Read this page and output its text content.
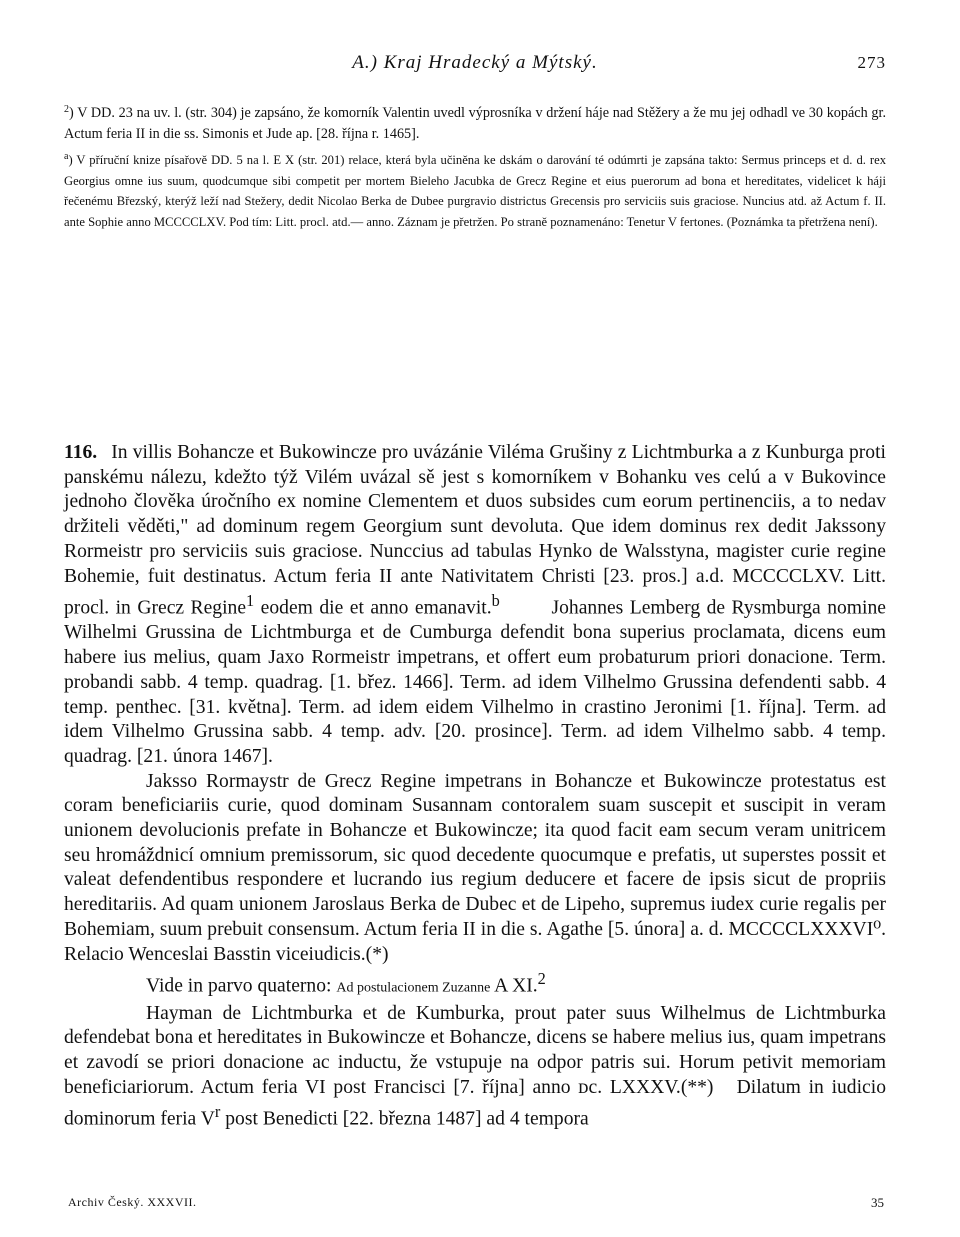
A.) Kraj Hradecký a Mýtský.	273

$^2$) V DD. 23 na uv. l. (str. 304) je zapsáno, že komorník Valentin uvedl výprosníka v držení háje nad Stěžery a že mu jej odhadl ve 30 kopách gr. Actum feria II in die ss. Simonis et Jude ap. [28. října r. 1465].

$^a$) V příruční knize písařově DD. 5 na l. E X (str. 201) relace, která byla učiněna ke dskám o darování té odúmrti je zapsána takto: Sermus princeps et d. d. rex Georgius omne ius suum, quodcumque sibi competit per mortem Bieleho Jacubka de Grecz Regine et eius puerorum ad bona et hereditates, videlicet k háji řečenému Březský, kterýž leží nad Stežery, dedit Nicolao Berka de Dubee purgravio districtus Grecensis pro serviciis suis graciose. Nuncius atd. až Actum f. II. ante Sophie anno MCCCCLXV. Pod tím: Litt. procl. atd.— anno. Záznam je přetržen. Po straně poznamenáno: Tenetur V fertones. (Poznámka ta přetržena není).

116. In villis Bohancze et Bukowincze pro uvázánie Viléma Grušiny z Lichtmburka a z Kunburga proti panskému nálezu, kdežto týž Vilém uvázal sě jest s komorníkem v Bohanku ves celú a v Bukovince jednoho člověka úročního ex nomine Clementem et duos subsides cum eorum pertinenciis, a to nedav držiteli věděti," ad dominum regem Georgium sunt devoluta. Que idem dominus rex dedit Jakssony Rormeistr pro serviciis suis graciose. Nunccius ad tabulas Hynko de Walsstyna, magister curie regine Bohemie, fuit destinatus. Actum feria II ante Nativitatem Christi [23. pros.] a.d. MCCCCLXV. Litt. procl. in Grecz Regine$^1$ eodem die et anno emanavit.$^b$        Johannes Lemberg de Rysmburga nomine Wilhelmi Grussina de Lichtmburga et de Cumburga defendit bona superius proclamata, dicens eum habere ius melius, quam Jaxo Rormeistr impetrans, et offert eum probaturum priori donacione. Term. probandi sabb. 4 temp. quadrag. [1. břez. 1466]. Term. ad idem Vilhelmo Grussina defendenti sabb. 4 temp. penthec. [31. května]. Term. ad idem eidem Vilhelmo in crastino Jeronimi [1. října]. Term. ad idem Vilhelmo Grussina sabb. 4 temp. adv. [20. prosince]. Term. ad idem Vilhelmo sabb. 4 temp. quadrag. [21. února 1467].

Jaksso Rormaystr de Grecz Regine impetrans in Bohancze et Bukowincze protestatus est coram beneficiariis curie, quod dominam Susannam contoralem suam suscepit et suscipit in veram unionem devolucionis prefate in Bohancze et Bukowincze; ita quod facit eam secum veram unitricem seu hromáždnicí omnium premissorum, sic quod decedente quocumque e prefatis, ut superstes possit et valeat defendentibus respondere et lucrando ius regium deducere et facere de ipsis sicut de propriis hereditariis. Ad quam unionem Jaroslaus Berka de Dubec et de Lipeho, supremus iudex curie regalis per Bohemiam, suum prebuit consensum. Actum feria II in die s. Agathe [5. února] a. d. MCCCCLXXXVI⁰. Relacio Wenceslai Basstin viceiudicis.(*)

Vide in parvo quaterno: Ad postulacionem Zuzanne A XI.$^2$

Hayman de Lichtmburka et de Kumburka, prout pater suus Wilhelmus de Lichtmburka defendebat bona et hereditates in Bukowincze et Bohancze, dicens se habere melius ius, quam impetrans et zavodí se priori donacione ac inductu, že vstupuje na odpor patris sui. Horum petivit memoriam beneficiariorum. Actum feria VI post Francisci [7. října] anno ᴅc. LXXXV.(**)   Dilatum in iudicio dominorum feria $V^r$ post Benedicti [22. března 1487] ad 4 tempora

Archiv Český. XXXVII.	35
